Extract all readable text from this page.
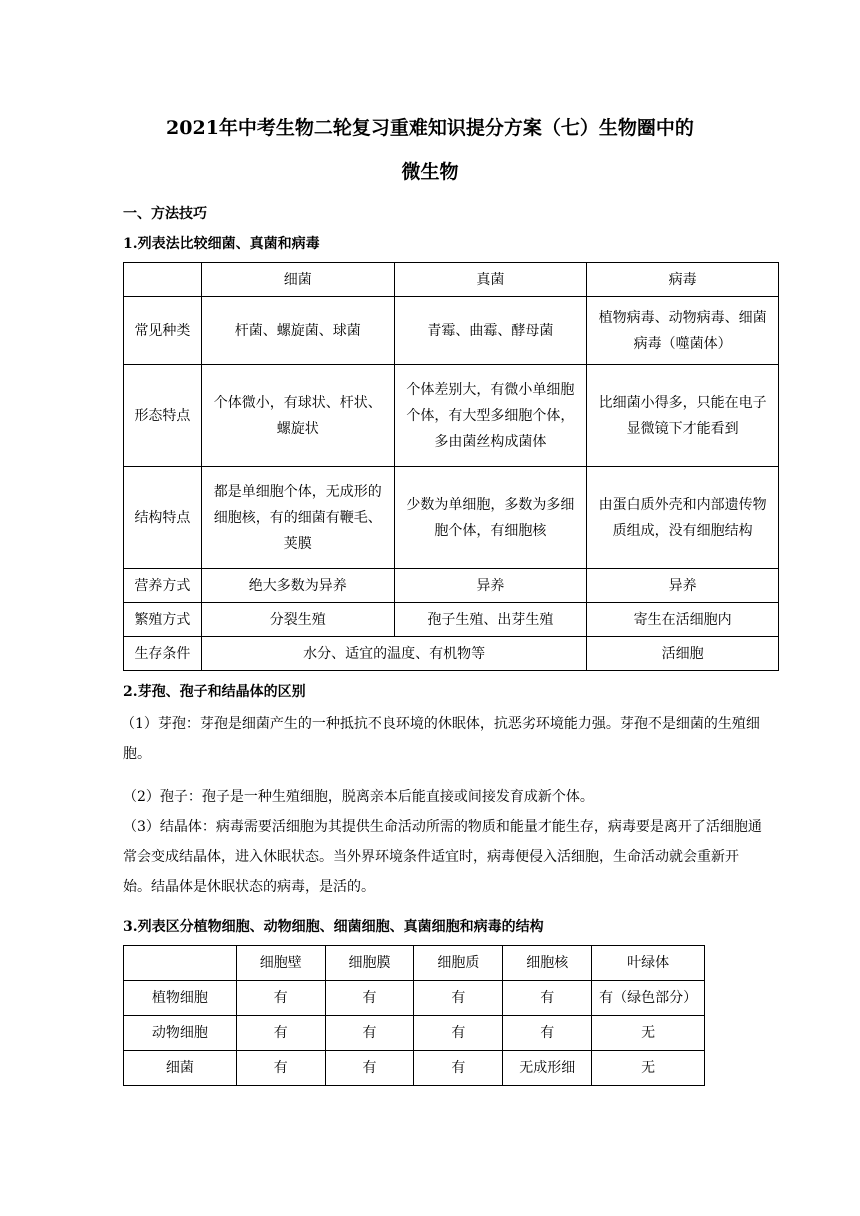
2021年中考生物二轮复习重难知识提分方案（七）生物圈中的
微生物
一、方法技巧
1.列表法比较细菌、真菌和病毒
	细菌	真菌	病毒
常见种类	杆菌、螺旋菌、球菌	青霉、曲霉、酵母菌	植物病毒、动物病毒、细菌病毒（噬菌体）
形态特点	个体微小，有球状、杆状、螺旋状	个体差别大，有微小单细胞个体，有大型多细胞个体，多由菌丝构成菌体	比细菌小得多，只能在电子显微镜下才能看到
结构特点	都是单细胞个体，无成形的细胞核，有的细菌有鞭毛、荚膜	少数为单细胞，多数为多细胞个体，有细胞核	由蛋白质外壳和内部遗传物质组成，没有细胞结构
营养方式	绝大多数为异养	异养	异养
繁殖方式	分裂生殖	孢子生殖、出芽生殖	寄生在活细胞内
生存条件	水分、适宜的温度、有机物等		活细胞
2.芽孢、孢子和结晶体的区别
（1）芽孢：芽孢是细菌产生的一种抵抗不良环境的休眠体，抗恶劣环境能力强。芽孢不是细菌的生殖细胞。
（2）孢子：孢子是一种生殖细胞，脱离亲本后能直接或间接发育成新个体。
（3）结晶体：病毒需要活细胞为其提供生命活动所需的物质和能量才能生存，病毒要是离开了活细胞通常会变成结晶体，进入休眠状态。当外界环境条件适宜时，病毒便侵入活细胞，生命活动就会重新开始。结晶体是休眠状态的病毒，是活的。
3.列表区分植物细胞、动物细胞、细菌细胞、真菌细胞和病毒的结构
	细胞壁	细胞膜	细胞质	细胞核	叶绿体
植物细胞	有	有	有	有	有（绿色部分）
动物细胞	有	有	有	有	无
细菌	有	有	有	无成形细	无
